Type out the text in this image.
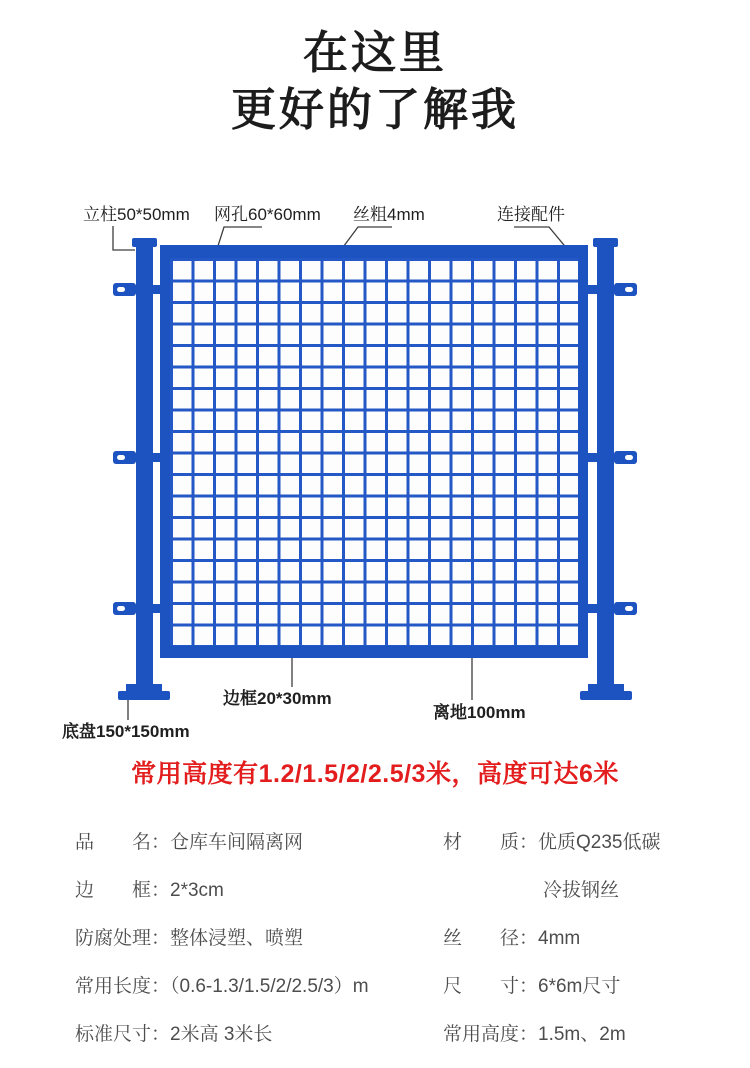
在这里
更好的了解我
立柱50*50mm 网孔60*60mm 丝粗4mm	连接配件
边框20*30mm
离地100mm
底盘150*150mm
常用高度有1.2/1.5/2/2.5/3米，高度可达6米
品　　名：仓库车间隔离网	材　　质：优质Q235低碳
边　　框：2*3cm	冷拔钢丝
防腐处理：整体浸塑、喷塑	丝　　径：4mm
常用长度：（0.6-1.3/1.5/2/2.5/3）m	尺　　寸：6*6m尺寸
标准尺寸：2米高 3米长	常用高度：1.5m、2m
